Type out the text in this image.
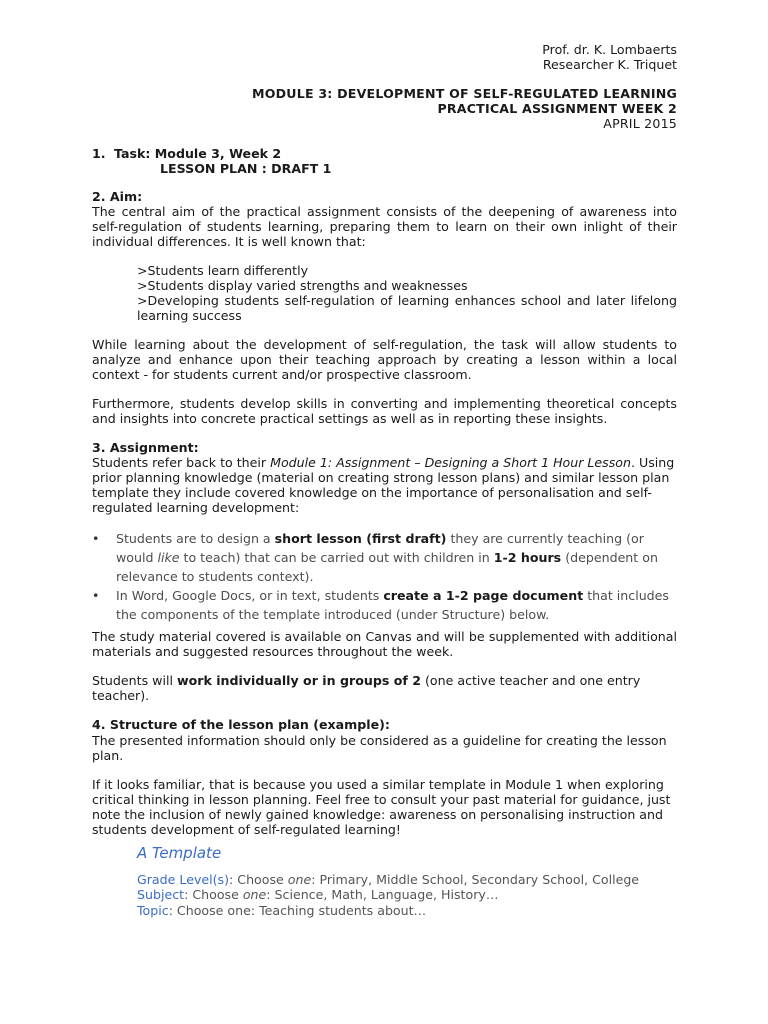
Prof. dr. K. Lombaerts
Researcher K. Triquet
MODULE 3: DEVELOPMENT OF SELF-REGULATED LEARNING
PRACTICAL ASSIGNMENT WEEK 2
APRIL 2015
1. Task: Module 3, Week 2
LESSON PLAN : DRAFT 1
2. Aim:
The central aim of the practical assignment consists of the deepening of awareness into self-regulation of students learning, preparing them to learn on their own inlight of their individual differences. It is well known that:
>Students learn differently
>Students display varied strengths and weaknesses
>Developing students self-regulation of learning enhances school and later lifelong learning success
While learning about the development of self-regulation, the task will allow students to analyze and enhance upon their teaching approach by creating a lesson within a local context - for students current and/or prospective classroom.
Furthermore, students develop skills in converting and implementing theoretical concepts and insights into concrete practical settings as well as in reporting these insights.
3. Assignment:
Students refer back to their Module 1: Assignment – Designing a Short 1 Hour Lesson. Using prior planning knowledge (material on creating strong lesson plans) and similar lesson plan template they include covered knowledge on the importance of personalisation and self-regulated learning development:
•	Students are to design a short lesson (first draft) they are currently teaching (or would like to teach) that can be carried out with children in 1-2 hours (dependent on relevance to students context).
•	In Word, Google Docs, or in text, students create a 1-2 page document that includes the components of the template introduced (under Structure) below.
The study material covered is available on Canvas and will be supplemented with additional materials and suggested resources throughout the week.
Students will work individually or in groups of 2 (one active teacher and one entry teacher).
4. Structure of the lesson plan (example):
The presented information should only be considered as a guideline for creating the lesson plan.
If it looks familiar, that is because you used a similar template in Module 1 when exploring critical thinking in lesson planning. Feel free to consult your past material for guidance, just note the inclusion of newly gained knowledge: awareness on personalising instruction and students development of self-regulated learning!
A Template
Grade Level(s): Choose one: Primary, Middle School, Secondary School, College
Subject: Choose one: Science, Math, Language, History…
Topic: Choose one: Teaching students about…
